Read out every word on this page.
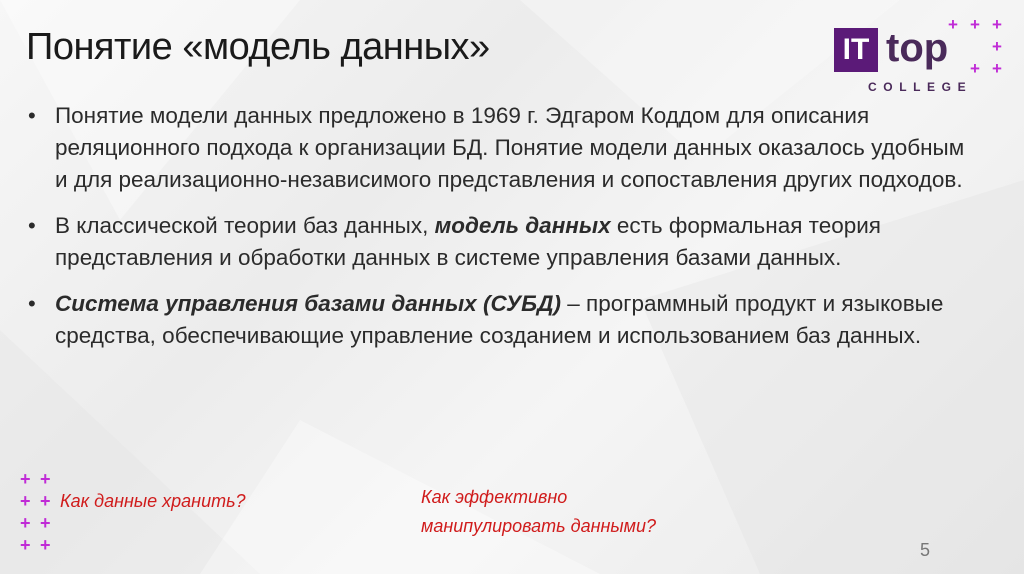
Понятие «модель данных»	IT top
COLLEGE
+ + +
+
+
+
• Понятие модели данных предложено в 1969 г. Эдгаром Коддом для описания реляционного подхода к организации БД. Понятие модели данных оказалось удобным и для реализационно-независимого представления и сопоставления других подходов.
• В классической теории баз данных, модель данных есть формальная теория представления и обработки данных в системе управления базами данных.
• Система управления базами данных (СУБД) – программный продукт и языковые средства, обеспечивающие управление созданием и использованием баз данных.
Как данные хранить?	Как эффективно
манипулировать данными?
+ +
+ +
+ +
+ +	5
